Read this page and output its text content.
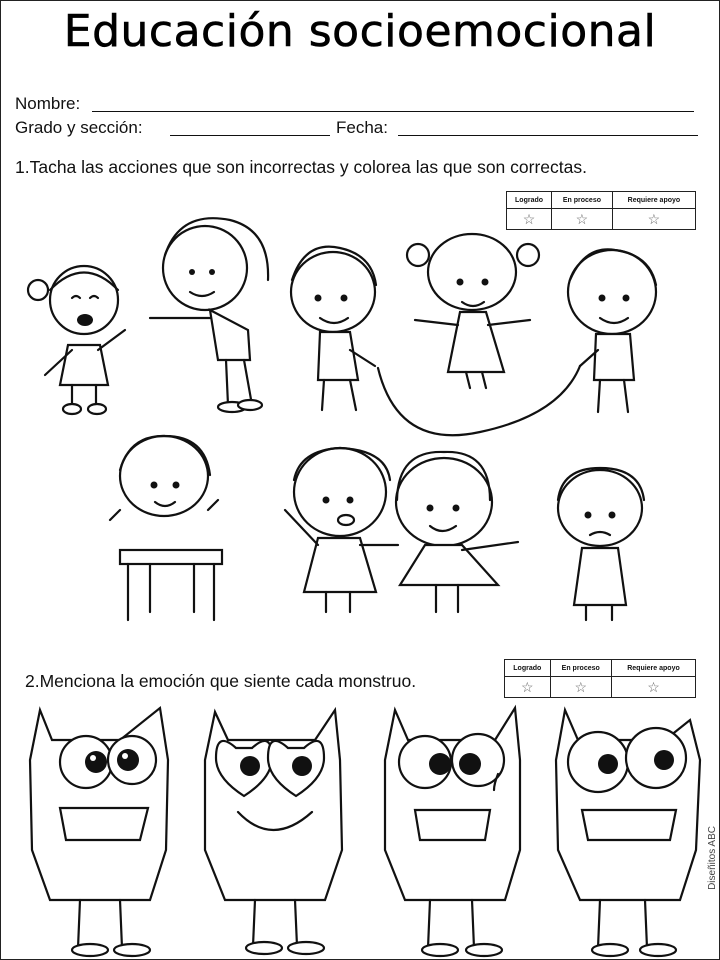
Educación socioemocional
Nombre:
Grado y sección:	Fecha:
1.Tacha las acciones que son incorrectas y colorea las que son correctas.
Logrado	En proceso	Requiere apoyo
☆	☆	☆
2.Menciona la emoción que siente cada monstruo.
Logrado	En proceso	Requiere apoyo
☆	☆	☆
Diseñitos ABC
